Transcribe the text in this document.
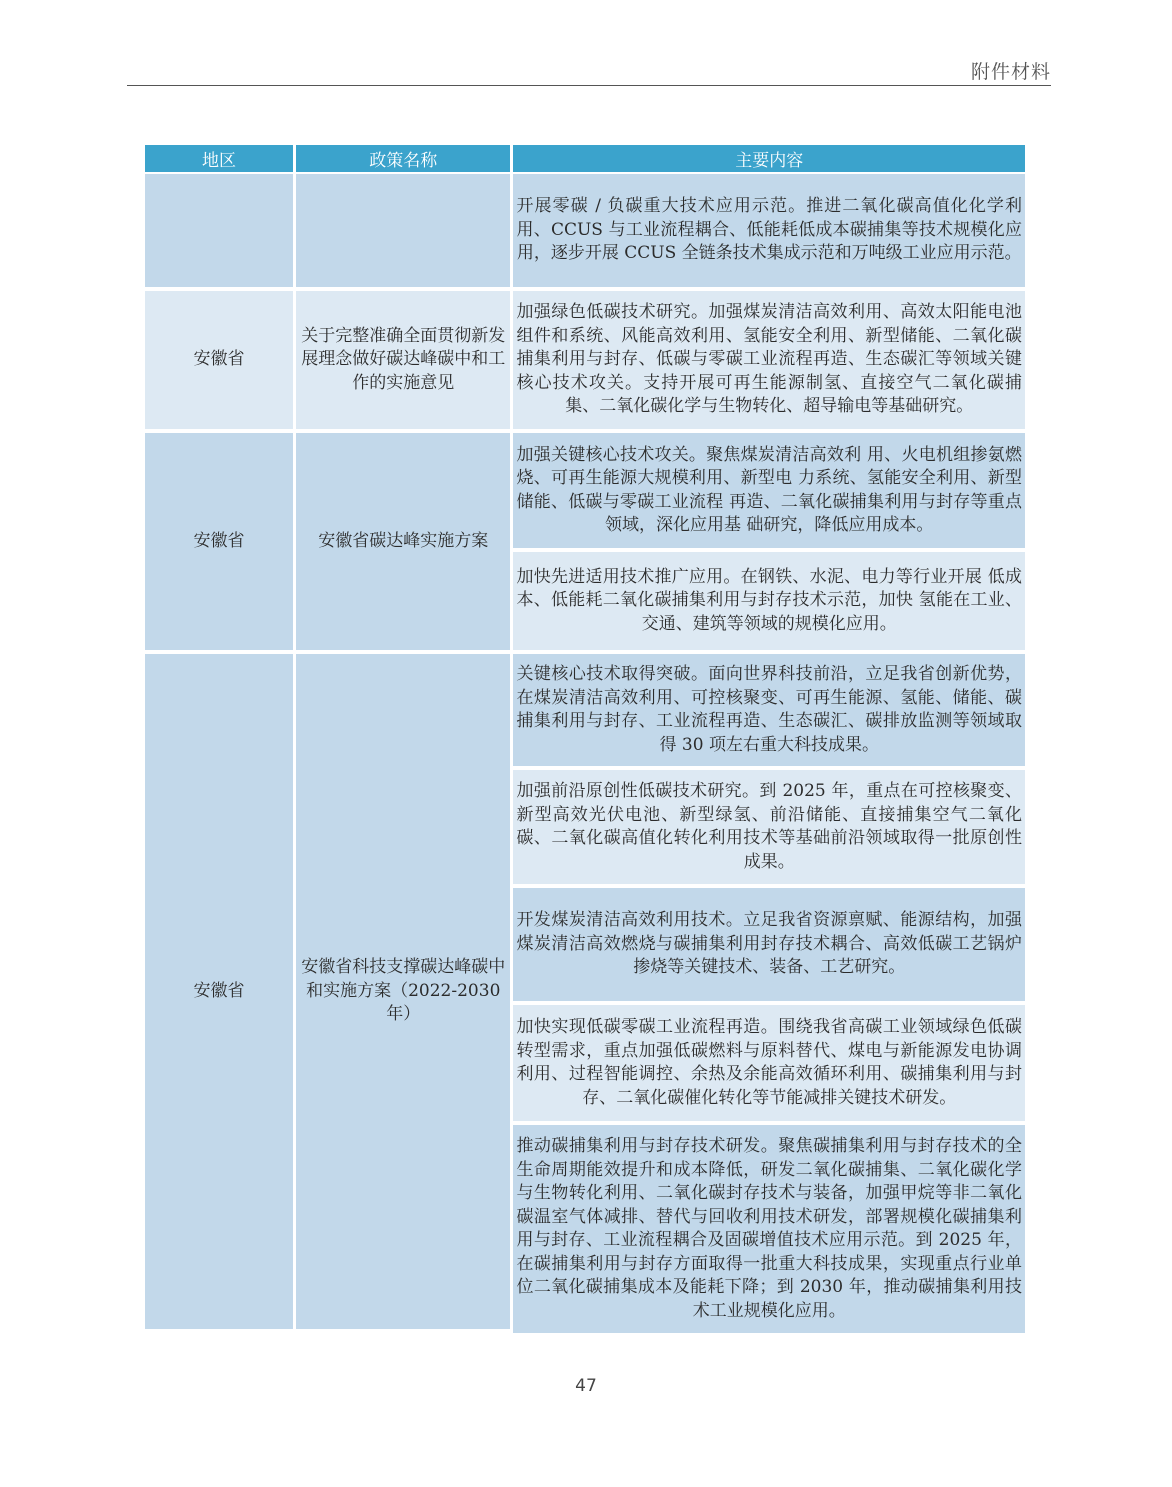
附件材料
地区	政策名称	主要内容
		开展零碳 / 负碳重大技术应用示范。推进二氧化碳高值化化学利用、CCUS 与工业流程耦合、低能耗低成本碳捕集等技术规模化应用，逐步开展 CCUS 全链条技术集成示范和万吨级工业应用示范。
安徽省	关于完整准确全面贯彻新发展理念做好碳达峰碳中和工作的实施意见	加强绿色低碳技术研究。加强煤炭清洁高效利用、高效太阳能电池组件和系统、风能高效利用、氢能安全利用、新型储能、二氧化碳捕集利用与封存、低碳与零碳工业流程再造、生态碳汇等领域关键核心技术攻关。支持开展可再生能源制氢、直接空气二氧化碳捕集、二氧化碳化学与生物转化、超导输电等基础研究。
安徽省	安徽省碳达峰实施方案	加强关键核心技术攻关。聚焦煤炭清洁高效利 用、火电机组掺氨燃烧、可再生能源大规模利用、新型电 力系统、氢能安全利用、新型储能、低碳与零碳工业流程 再造、二氧化碳捕集利用与封存等重点领域，深化应用基 础研究，降低应用成本。
		加快先进适用技术推广应用。在钢铁、水泥、电力等行业开展 低成本、低能耗二氧化碳捕集利用与封存技术示范，加快 氢能在工业、交通、建筑等领域的规模化应用。
安徽省	安徽省科技支撑碳达峰碳中和实施方案（2022-2030年）	关键核心技术取得突破。面向世界科技前沿，立足我省创新优势，在煤炭清洁高效利用、可控核聚变、可再生能源、氢能、储能、碳捕集利用与封存、工业流程再造、生态碳汇、碳排放监测等领域取得 30 项左右重大科技成果。
		加强前沿原创性低碳技术研究。到 2025 年，重点在可控核聚变、新型高效光伏电池、新型绿氢、前沿储能、直接捕集空气二氧化碳、二氧化碳高值化转化利用技术等基础前沿领域取得一批原创性成果。
		开发煤炭清洁高效利用技术。立足我省资源禀赋、能源结构，加强煤炭清洁高效燃烧与碳捕集利用封存技术耦合、高效低碳工艺锅炉掺烧等关键技术、装备、工艺研究。
		加快实现低碳零碳工业流程再造。围绕我省高碳工业领域绿色低碳转型需求，重点加强低碳燃料与原料替代、煤电与新能源发电协调利用、过程智能调控、余热及余能高效循环利用、碳捕集利用与封存、二氧化碳催化转化等节能减排关键技术研发。
		推动碳捕集利用与封存技术研发。聚焦碳捕集利用与封存技术的全生命周期能效提升和成本降低，研发二氧化碳捕集、二氧化碳化学与生物转化利用、二氧化碳封存技术与装备，加强甲烷等非二氧化碳温室气体减排、替代与回收利用技术研发，部署规模化碳捕集利用与封存、工业流程耦合及固碳增值技术应用示范。到 2025 年，在碳捕集利用与封存方面取得一批重大科技成果，实现重点行业单位二氧化碳捕集成本及能耗下降；到 2030 年，推动碳捕集利用技术工业规模化应用。
47
